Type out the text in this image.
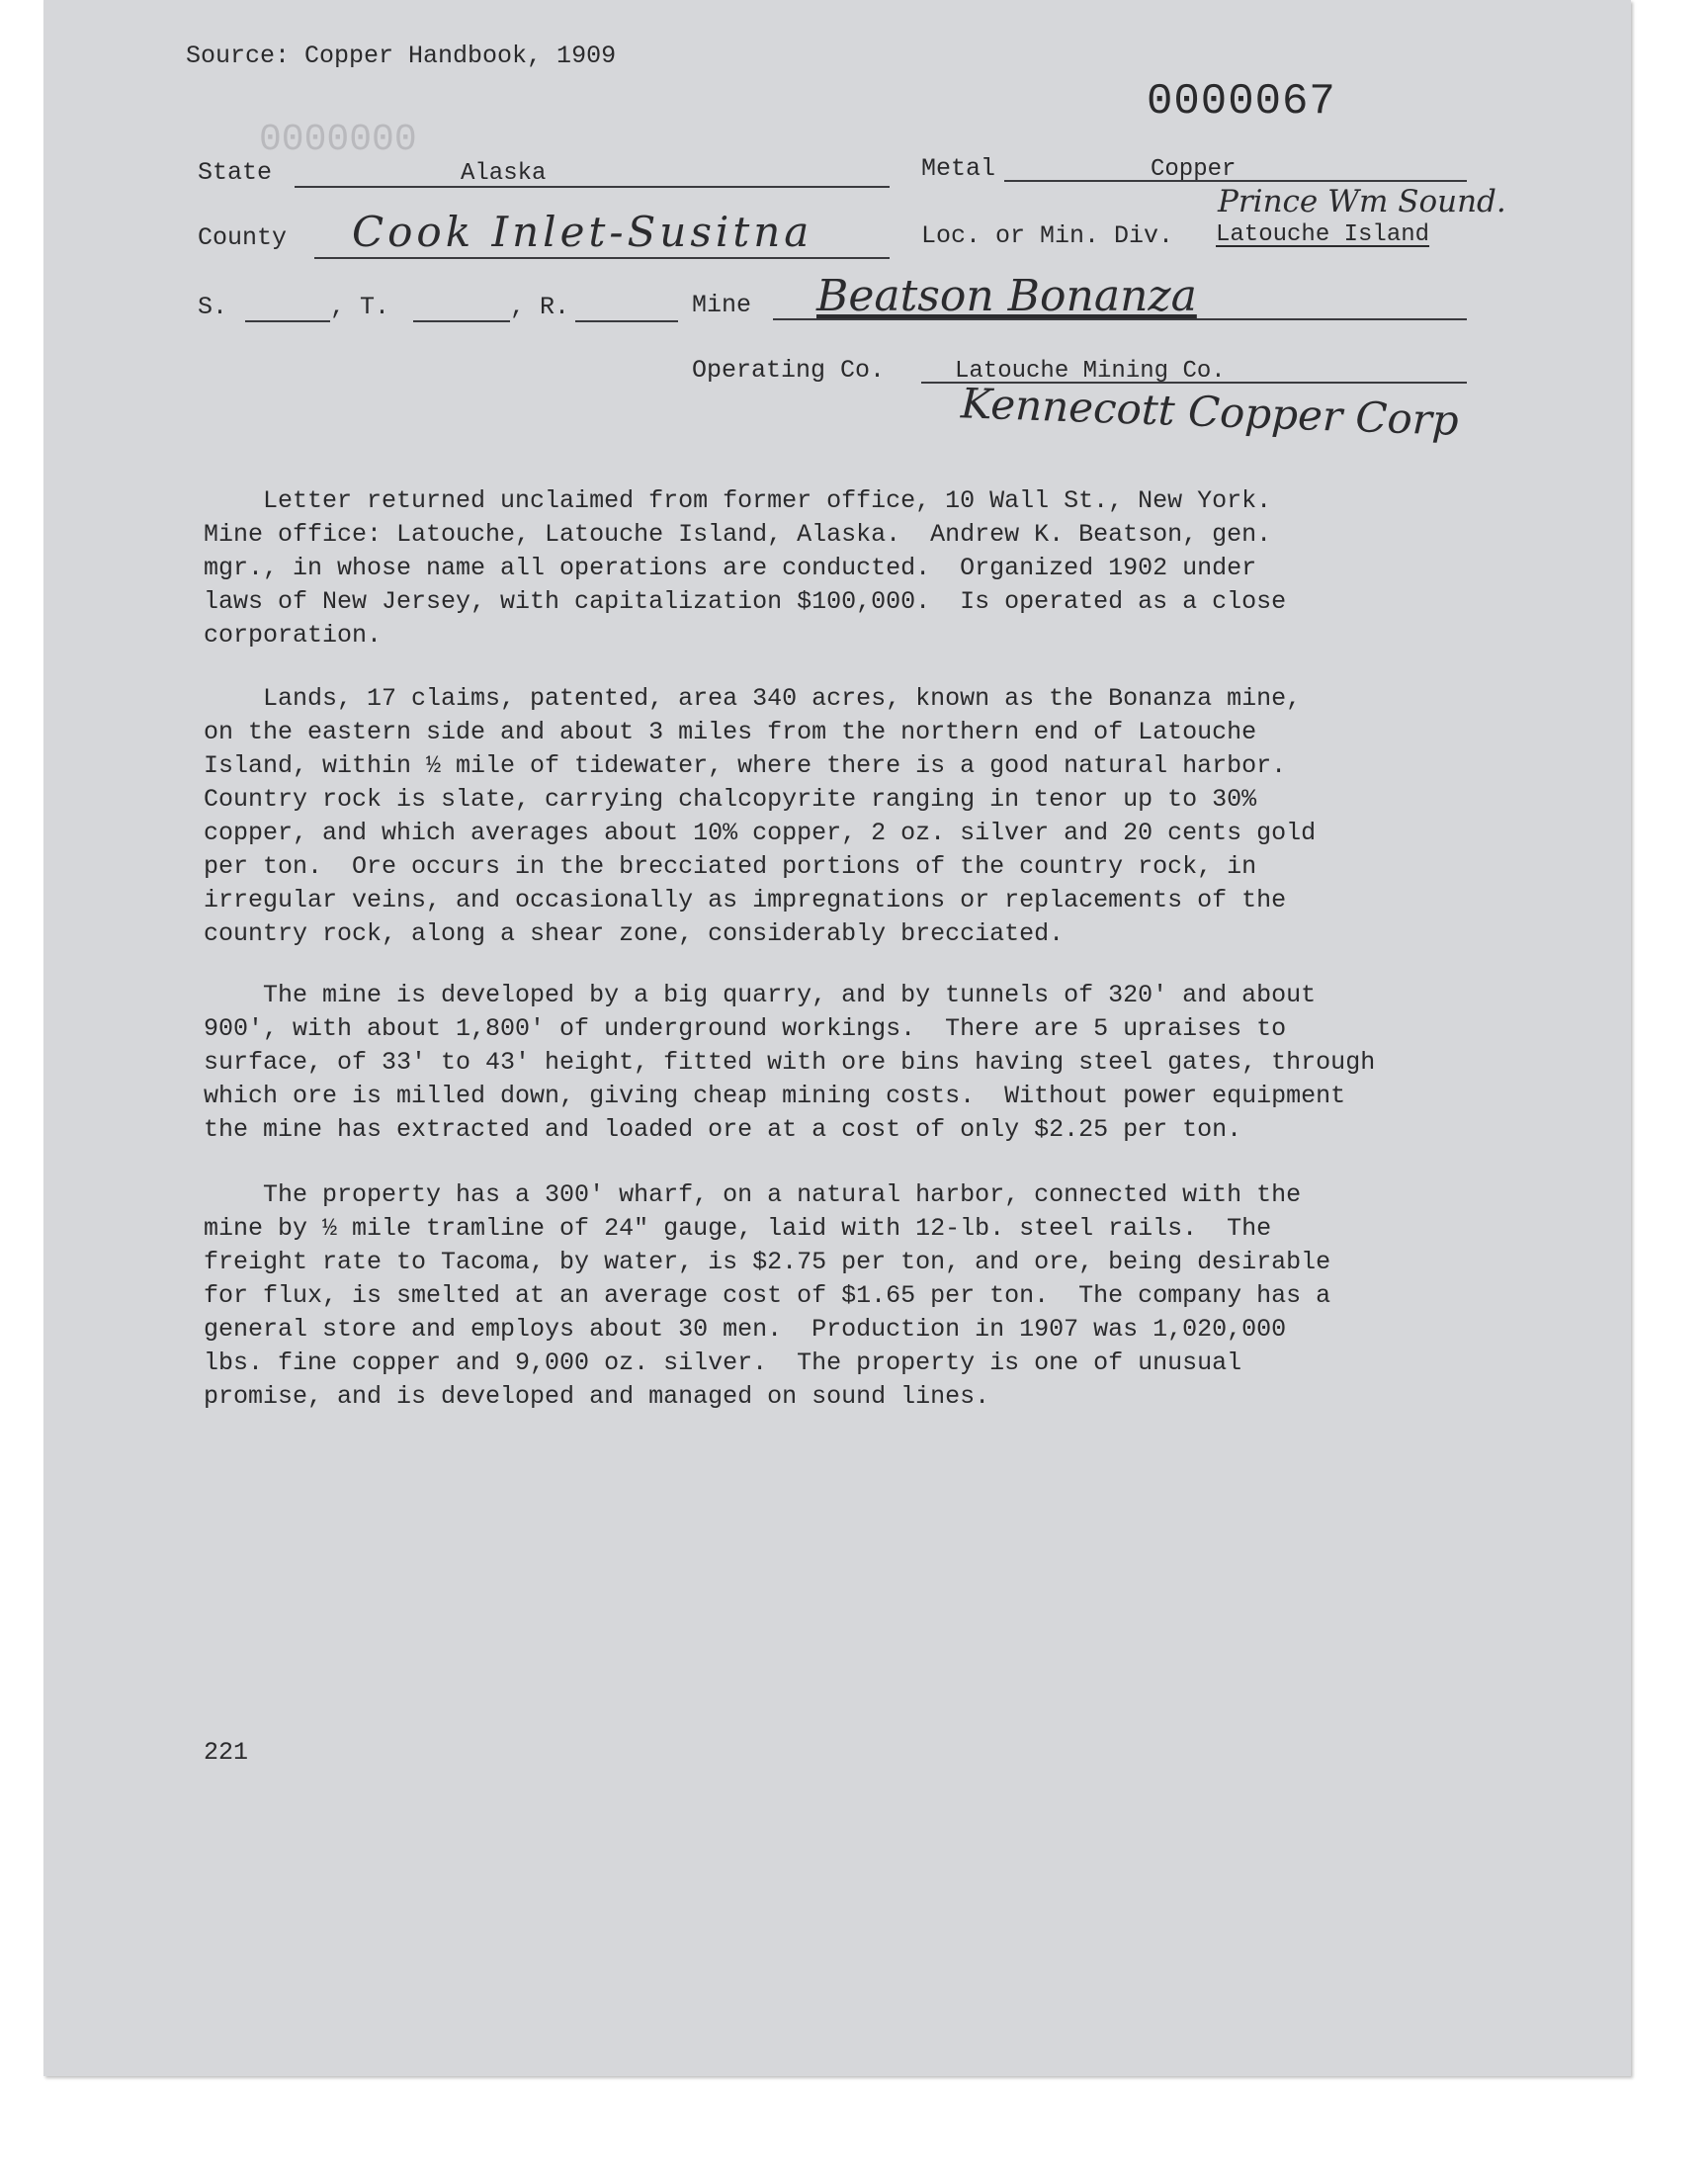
Source: Copper Handbook, 1909
0000067
0000000
State	Alaska	Metal	Copper
Prince Wm Sound.
County Cook Inlet-Susitna	Loc. or Min. Div. Latouche Island
S.	, T.	, R.	Mine Beatson Bonanza
Operating Co.	Latouche Mining Co.
Kennecott Copper Corp
Letter returned unclaimed from former office, 10 Wall St., New York.
Mine office: Latouche, Latouche Island, Alaska.  Andrew K. Beatson, gen.
mgr., in whose name all operations are conducted.  Organized 1902 under
laws of New Jersey, with capitalization $100,000.  Is operated as a close
corporation.
Lands, 17 claims, patented, area 340 acres, known as the Bonanza mine,
on the eastern side and about 3 miles from the northern end of Latouche
Island, within ½ mile of tidewater, where there is a good natural harbor.
Country rock is slate, carrying chalcopyrite ranging in tenor up to 30%
copper, and which averages about 10% copper, 2 oz. silver and 20 cents gold
per ton.  Ore occurs in the brecciated portions of the country rock, in
irregular veins, and occasionally as impregnations or replacements of the
country rock, along a shear zone, considerably brecciated.
The mine is developed by a big quarry, and by tunnels of 320' and about
900', with about 1,800' of underground workings.  There are 5 upraises to
surface, of 33' to 43' height, fitted with ore bins having steel gates, through
which ore is milled down, giving cheap mining costs.  Without power equipment
the mine has extracted and loaded ore at a cost of only $2.25 per ton.
The property has a 300' wharf, on a natural harbor, connected with the
mine by ½ mile tramline of 24" gauge, laid with 12-lb. steel rails.  The
freight rate to Tacoma, by water, is $2.75 per ton, and ore, being desirable
for flux, is smelted at an average cost of $1.65 per ton.  The company has a
general store and employs about 30 men.  Production in 1907 was 1,020,000
lbs. fine copper and 9,000 oz. silver.  The property is one of unusual
promise, and is developed and managed on sound lines.
221
